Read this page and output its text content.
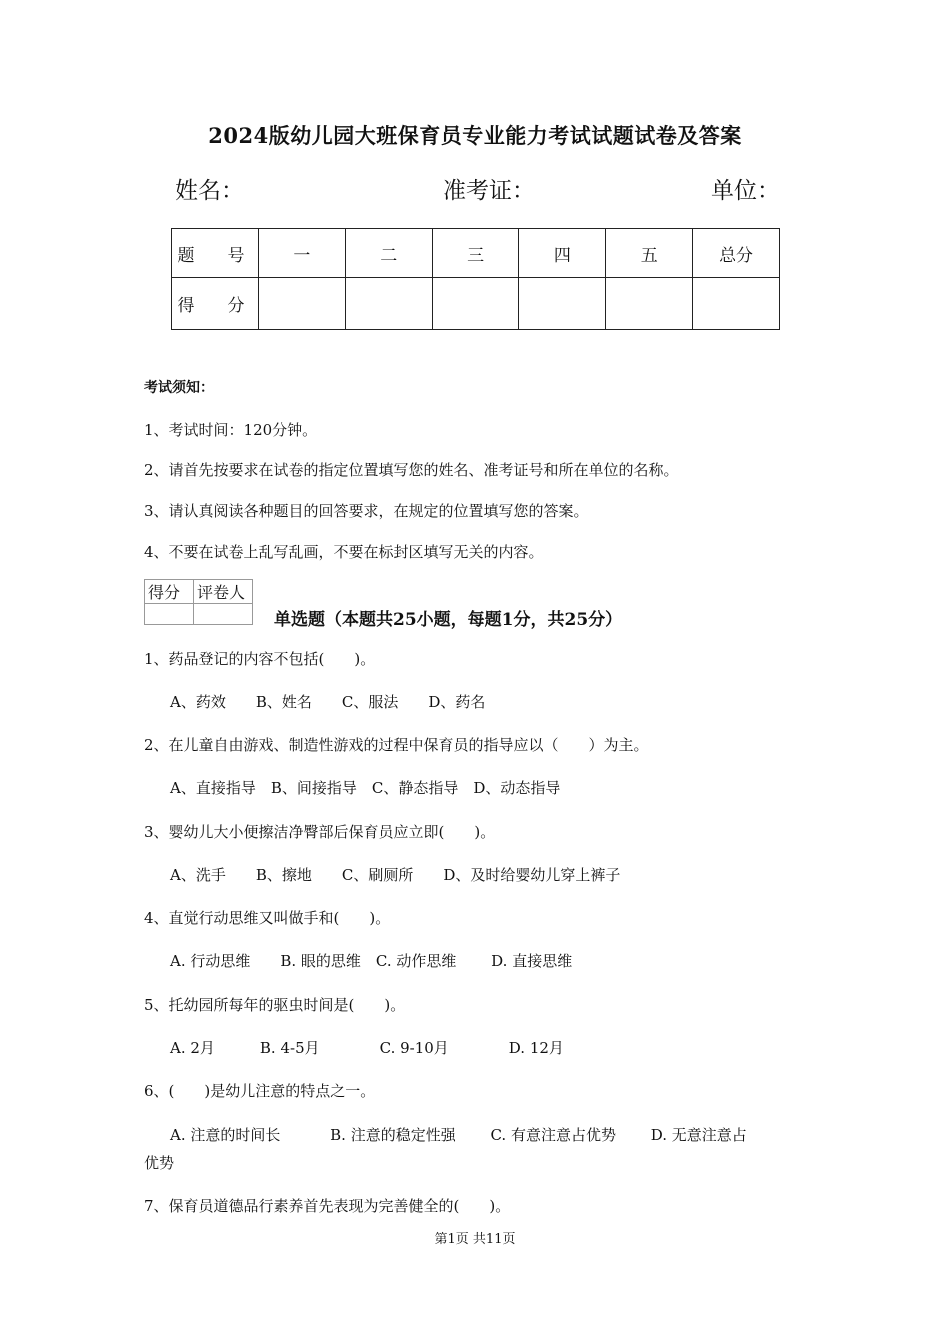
2024版幼儿园大班保育员专业能力考试试题试卷及答案
姓名：	准考证：	单位：
题　号	一	二	三	四	五	总分
得　分						
考试须知：
1、考试时间：120分钟。
2、请首先按要求在试卷的指定位置填写您的姓名、准考证号和所在单位的名称。
3、请认真阅读各种题目的回答要求，在规定的位置填写您的答案。
4、不要在试卷上乱写乱画，不要在标封区填写无关的内容。
得分	评卷人

单选题（本题共25小题，每题1分，共25分）
1、药品登记的内容不包括(　　)。
A、药效　　B、姓名　　C、服法　　D、药名
2、在儿童自由游戏、制造性游戏的过程中保育员的指导应以（　　）为主。
A、直接指导　B、间接指导　C、静态指导　D、动态指导
3、婴幼儿大小便擦洁净臀部后保育员应立即(　　)。
A、洗手　　B、擦地　　C、刷厕所　　D、及时给婴幼儿穿上裤子
4、直觉行动思维又叫做手和(　　)。
A. 行动思维　　B. 眼的思维　C. 动作思维　　 D. 直接思维
5、托幼园所每年的驱虫时间是(　　)。
A. 2月　　　B. 4-5月　　　　C. 9-10月　　　　D. 12月
6、(　　)是幼儿注意的特点之一。
A. 注意的时间长　　　 B. 注意的稳定性强　　 C. 有意注意占优势　　 D. 无意注意占
优势
7、保育员道德品行素养首先表现为完善健全的(　　)。
第1页 共11页
